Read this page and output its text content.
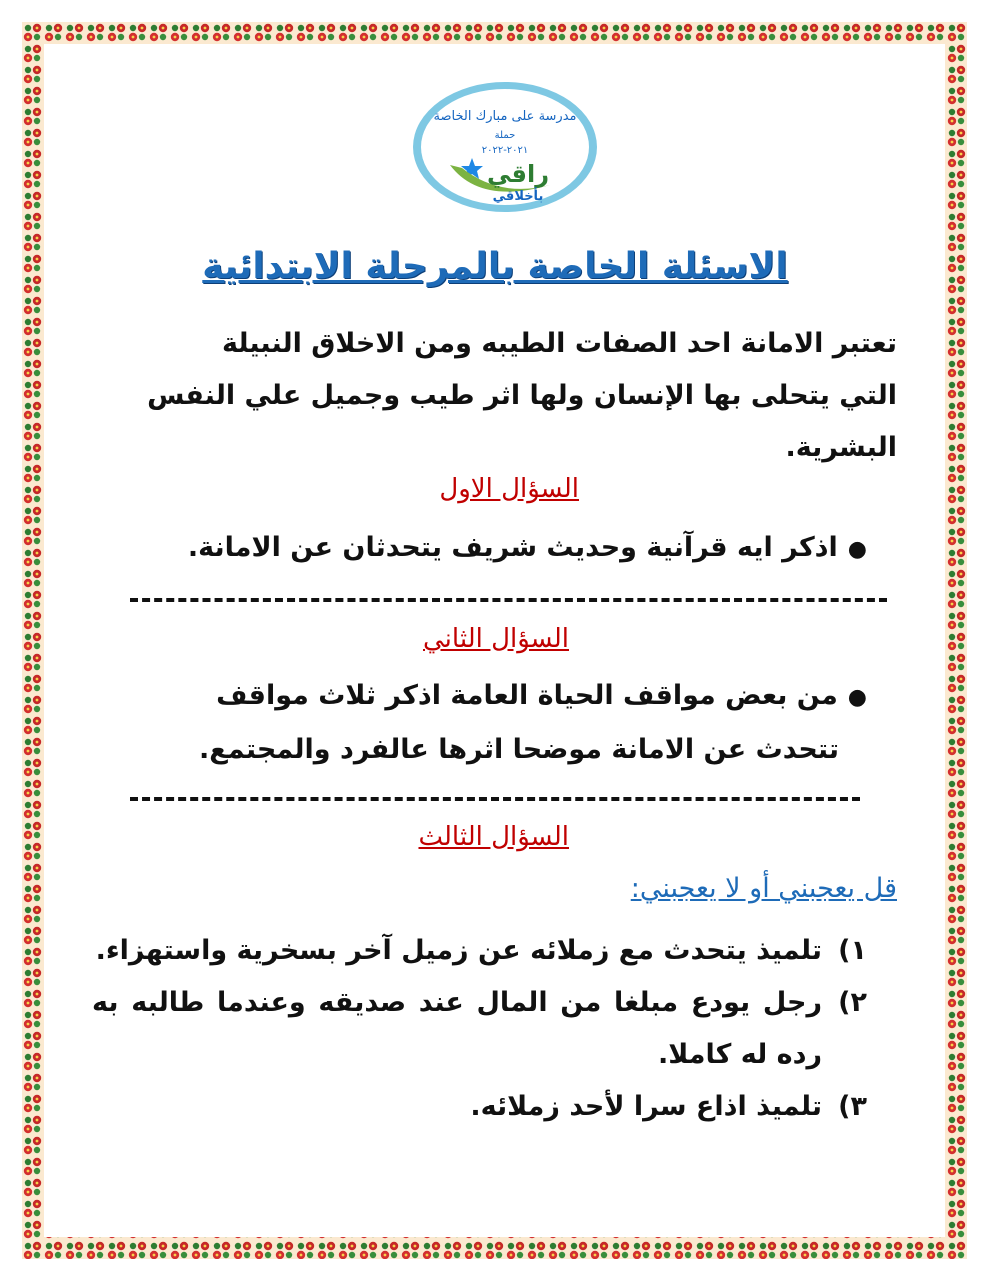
مدرسة على مبارك الخاصة
حملة
٢٠٢١-٢٠٢٢
راقي
بأخلاقي
الاسئلة الخاصة بالمرحلة الابتدائية
تعتبر الامانة احد الصفات الطيبه ومن الاخلاق النبيلة
التي يتحلى بها الإنسان ولها اثر طيب وجميل علي النفس
البشرية.
السؤال الاول
●اذكر ايه قرآنية وحديث شريف يتحدثان عن الامانة.
السؤال الثاني
●من بعض مواقف الحياة العامة اذكر ثلاث مواقف
تتحدث عن الامانة موضحا اثرها عالفرد والمجتمع.
السؤال الثالث
قل يعجبني أو لا يعجبني:
١)
تلميذ يتحدث مع زملائه عن زميل آخر بسخرية واستهزاء.
٢)
رجل يودع مبلغا من المال عند صديقه وعندما طالبه به رده له كاملا.
٣)
تلميذ اذاع سرا لأحد زملائه.
